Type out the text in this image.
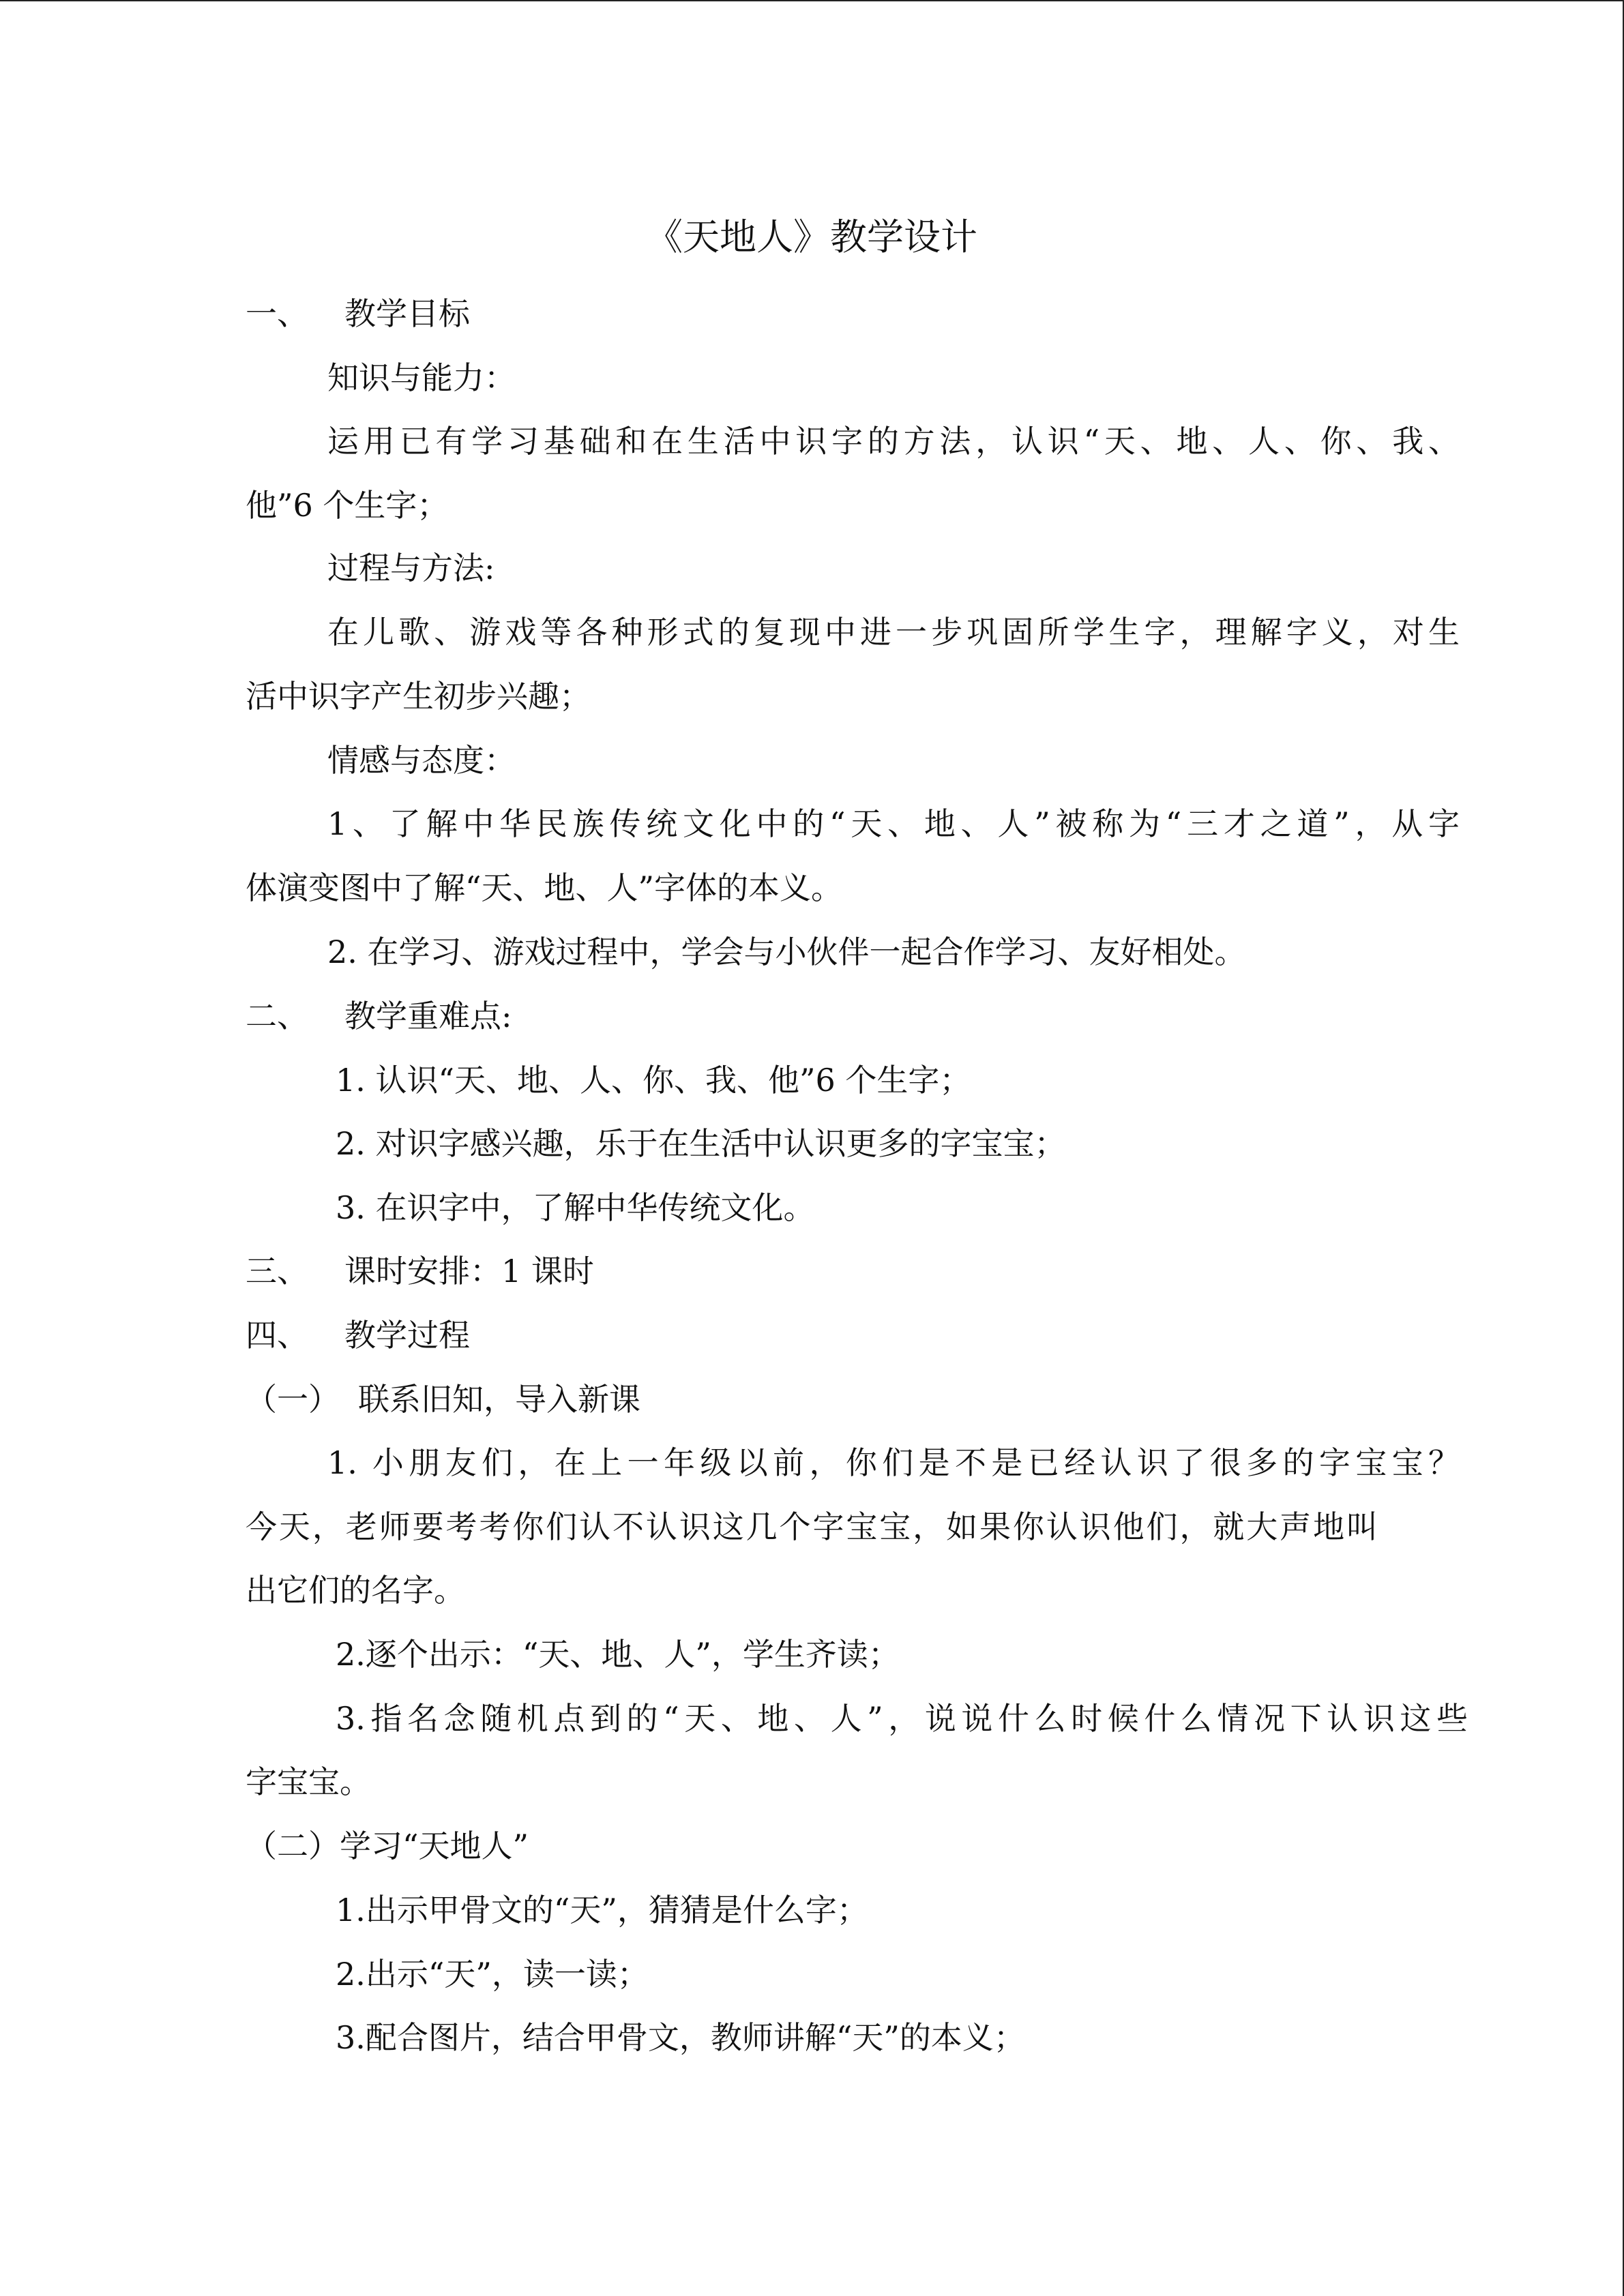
《天地人》教学设计
一、 教学目标
知识与能力：
运用已有学习基础和在生活中识字的方法，认识“天、地、人、你、我、
他”6 个生字；
过程与方法:
在儿歌、游戏等各种形式的复现中进一步巩固所学生字，理解字义，对生
活中识字产生初步兴趣；
情感与态度：
1、了解中华民族传统文化中的“天、地、人”被称为“三才之道”，从字
体演变图中了解“天、地、人”字体的本义。
2. 在学习、游戏过程中，学会与小伙伴一起合作学习、友好相处。
二、 教学重难点:
1. 认识“天、地、人、你、我、他”6 个生字；
2. 对识字感兴趣，乐于在生活中认识更多的字宝宝；
3. 在识字中，了解中华传统文化。
三、 课时安排：1 课时
四、 教学过程
（一） 联系旧知，导入新课
1. 小朋友们，在上一年级以前，你们是不是已经认识了很多的字宝宝？
今天，老师要考考你们认不认识这几个字宝宝，如果你认识他们，就大声地叫
出它们的名字。
2.逐个出示：“天、地、人”，学生齐读；
3.指名念随机点到的“天、地、人”，说说什么时候什么情况下认识这些
字宝宝。
（二）学习“天地人”
1.出示甲骨文的“天”，猜猜是什么字；
2.出示“天”，读一读；
3.配合图片，结合甲骨文，教师讲解“天”的本义；
